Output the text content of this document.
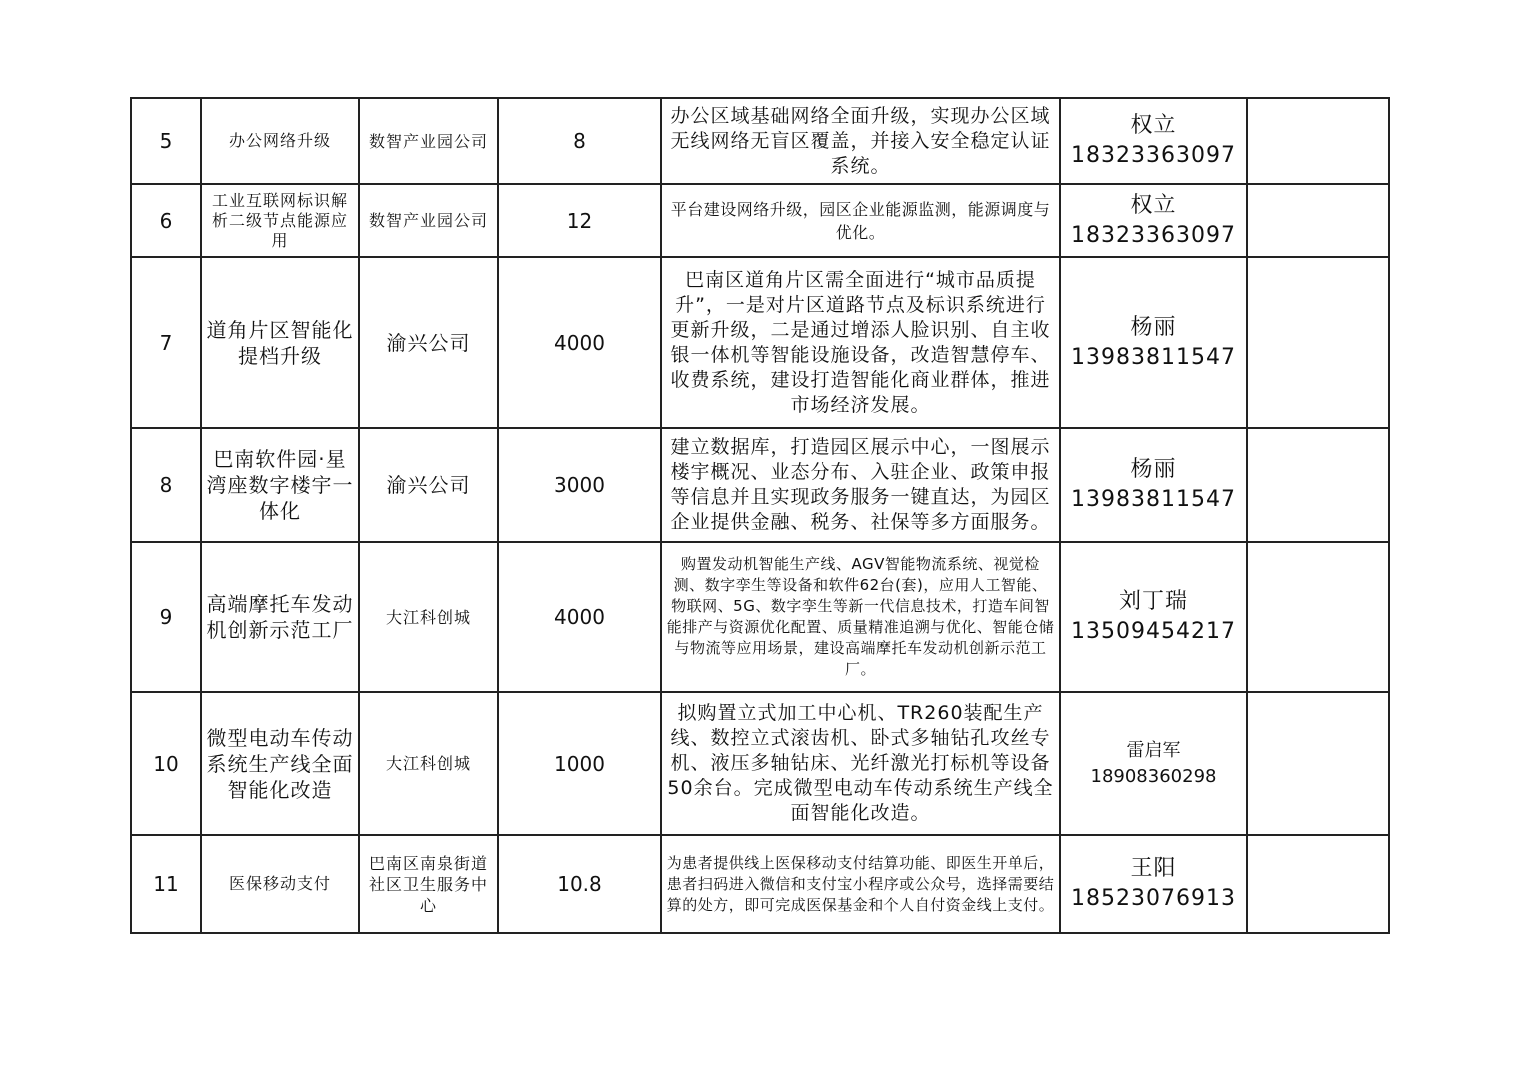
5	办公网络升级	数智产业园公司	8	办公区域基础网络全面升级，实现办公区域无线网络无盲区覆盖，并接入安全稳定认证系统。	权立
18323363097	

6	工业互联网标识解析二级节点能源应用	数智产业园公司	12	平台建设网络升级，园区企业能源监测，能源调度与优化。	权立
18323363097	

7	道角片区智能化提档升级	渝兴公司	4000	巴南区道角片区需全面进行“城市品质提升”，一是对片区道路节点及标识系统进行更新升级，二是通过增添人脸识别、自主收银一体机等智能设施设备，改造智慧停车、收费系统，建设打造智能化商业群体，推进市场经济发展。	杨丽
13983811547	

8	巴南软件园·星湾座数字楼宇一体化	渝兴公司	3000	建立数据库，打造园区展示中心，一图展示楼宇概况、业态分布、入驻企业、政策申报等信息并且实现政务服务一键直达，为园区企业提供金融、税务、社保等多方面服务。	杨丽
13983811547	

9	高端摩托车发动机创新示范工厂	大江科创城	4000	购置发动机智能生产线、AGV智能物流系统、视觉检测、数字孪生等设备和软件62台(套)，应用人工智能、物联网、5G、数字孪生等新一代信息技术，打造车间智能排产与资源优化配置、质量精准追溯与优化、智能仓储与物流等应用场景，建设高端摩托车发动机创新示范工厂。	刘丁瑞
13509454217	

10	微型电动车传动系统生产线全面智能化改造	大江科创城	1000	拟购置立式加工中心机、TR260装配生产线、数控立式滚齿机、卧式多轴钻孔攻丝专机、液压多轴钻床、光纤激光打标机等设备50余台。完成微型电动车传动系统生产线全面智能化改造。	雷启军
18908360298	

11	医保移动支付	巴南区南泉街道社区卫生服务中心	10.8	为患者提供线上医保移动支付结算功能、即医生开单后，患者扫码进入微信和支付宝小程序或公众号，选择需要结算的处方，即可完成医保基金和个人自付资金线上支付。	王阳
18523076913	
